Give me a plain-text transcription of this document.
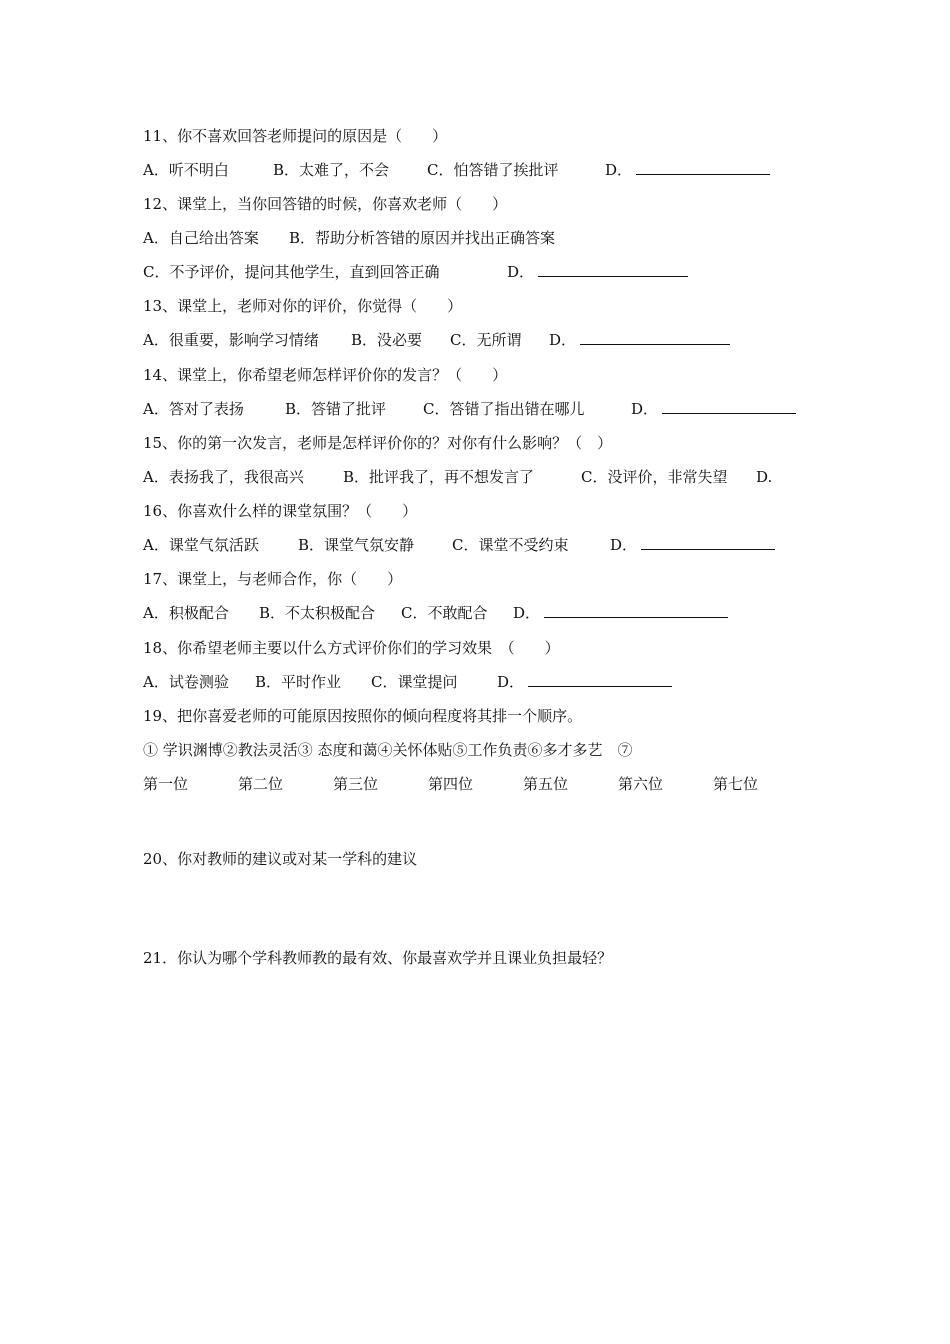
11、你不喜欢回答老师提问的原因是（　　）
A．听不明白	B．太难了，不会	C．怕答错了挨批评	D．
12、课堂上，当你回答错的时候，你喜欢老师（　　）
A．自己给出答案 B．帮助分析答错的原因并找出正确答案
C．不予评价，提问其他学生，直到回答正确	D．
13、课堂上，老师对你的评价，你觉得（　　）
A．很重要，影响学习情绪 B．没必要 C．无所谓 D．
14、课堂上，你希望老师怎样评价你的发言？（　　）
A．答对了表扬	B．答错了批评 C．答错了指出错在哪儿	D．
15、你的第一次发言，老师是怎样评价你的？对你有什么影响？（　）
A．表扬我了，我很高兴	B．批评我了，再不想发言了	C．没评价，非常失望 D.
16、你喜欢什么样的课堂氛围？（　　）
A．课堂气氛活跃	B．课堂气氛安静	C．课堂不受约束	D．
17、课堂上，与老师合作，你（　　）
A．积极配合 B．不太积极配合 C．不敢配合 D．
18、你希望老师主要以什么方式评价你们的学习效果　（　　）
A．试卷测验 B．平时作业 C．课堂提问	D．
19、把你喜爱老师的可能原因按照你的倾向程度将其排一个顺序。
① 学识渊博②教法灵活③ 态度和蔼④关怀体贴⑤工作负责⑥多才多艺　⑦
第一位	第二位	第三位	第四位	第五位	第六位	第七位
20、你对教师的建议或对某一学科的建议
21．你认为哪个学科教师教的最有效、你最喜欢学并且课业负担最轻？
